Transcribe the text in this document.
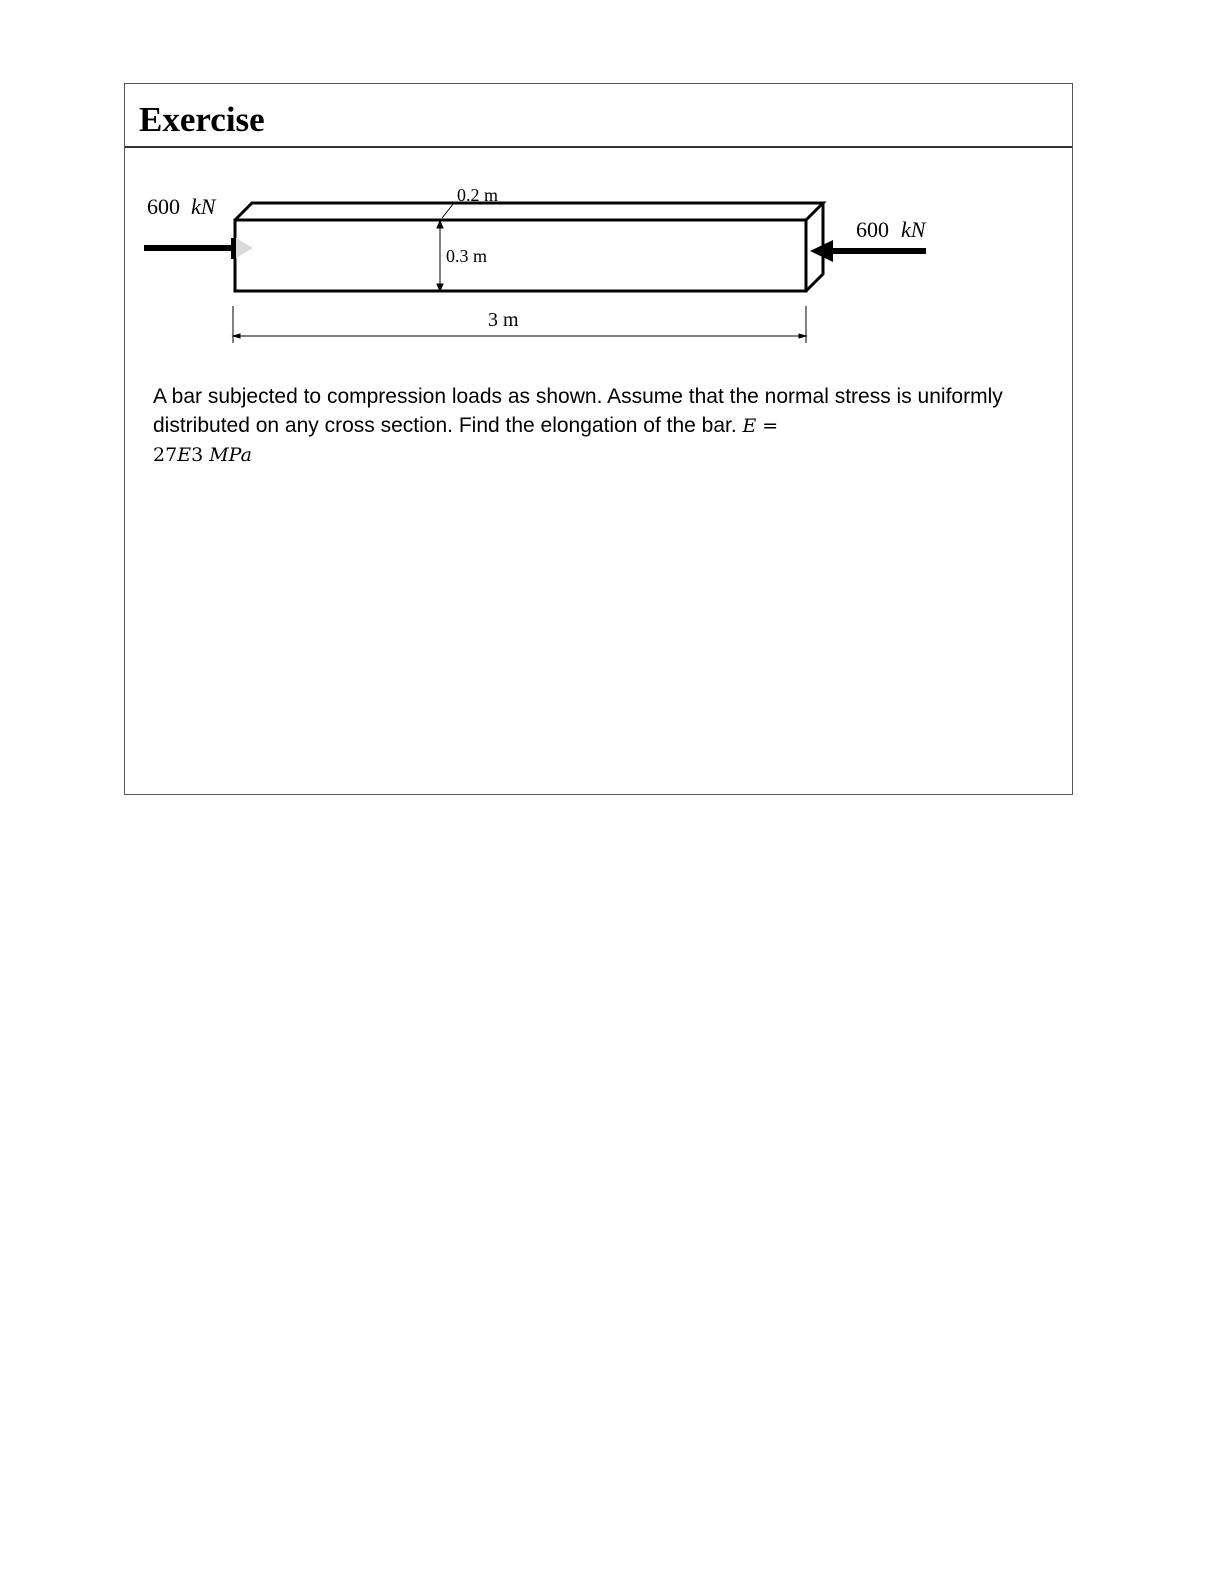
Exercise
600 kN
600 kN
0.2 m
0.3 m
3 m

A bar subjected to compression loads as shown. Assume that the normal stress is uniformly distributed on any cross section. Find the elongation of the bar. E =
27E3 MPa
